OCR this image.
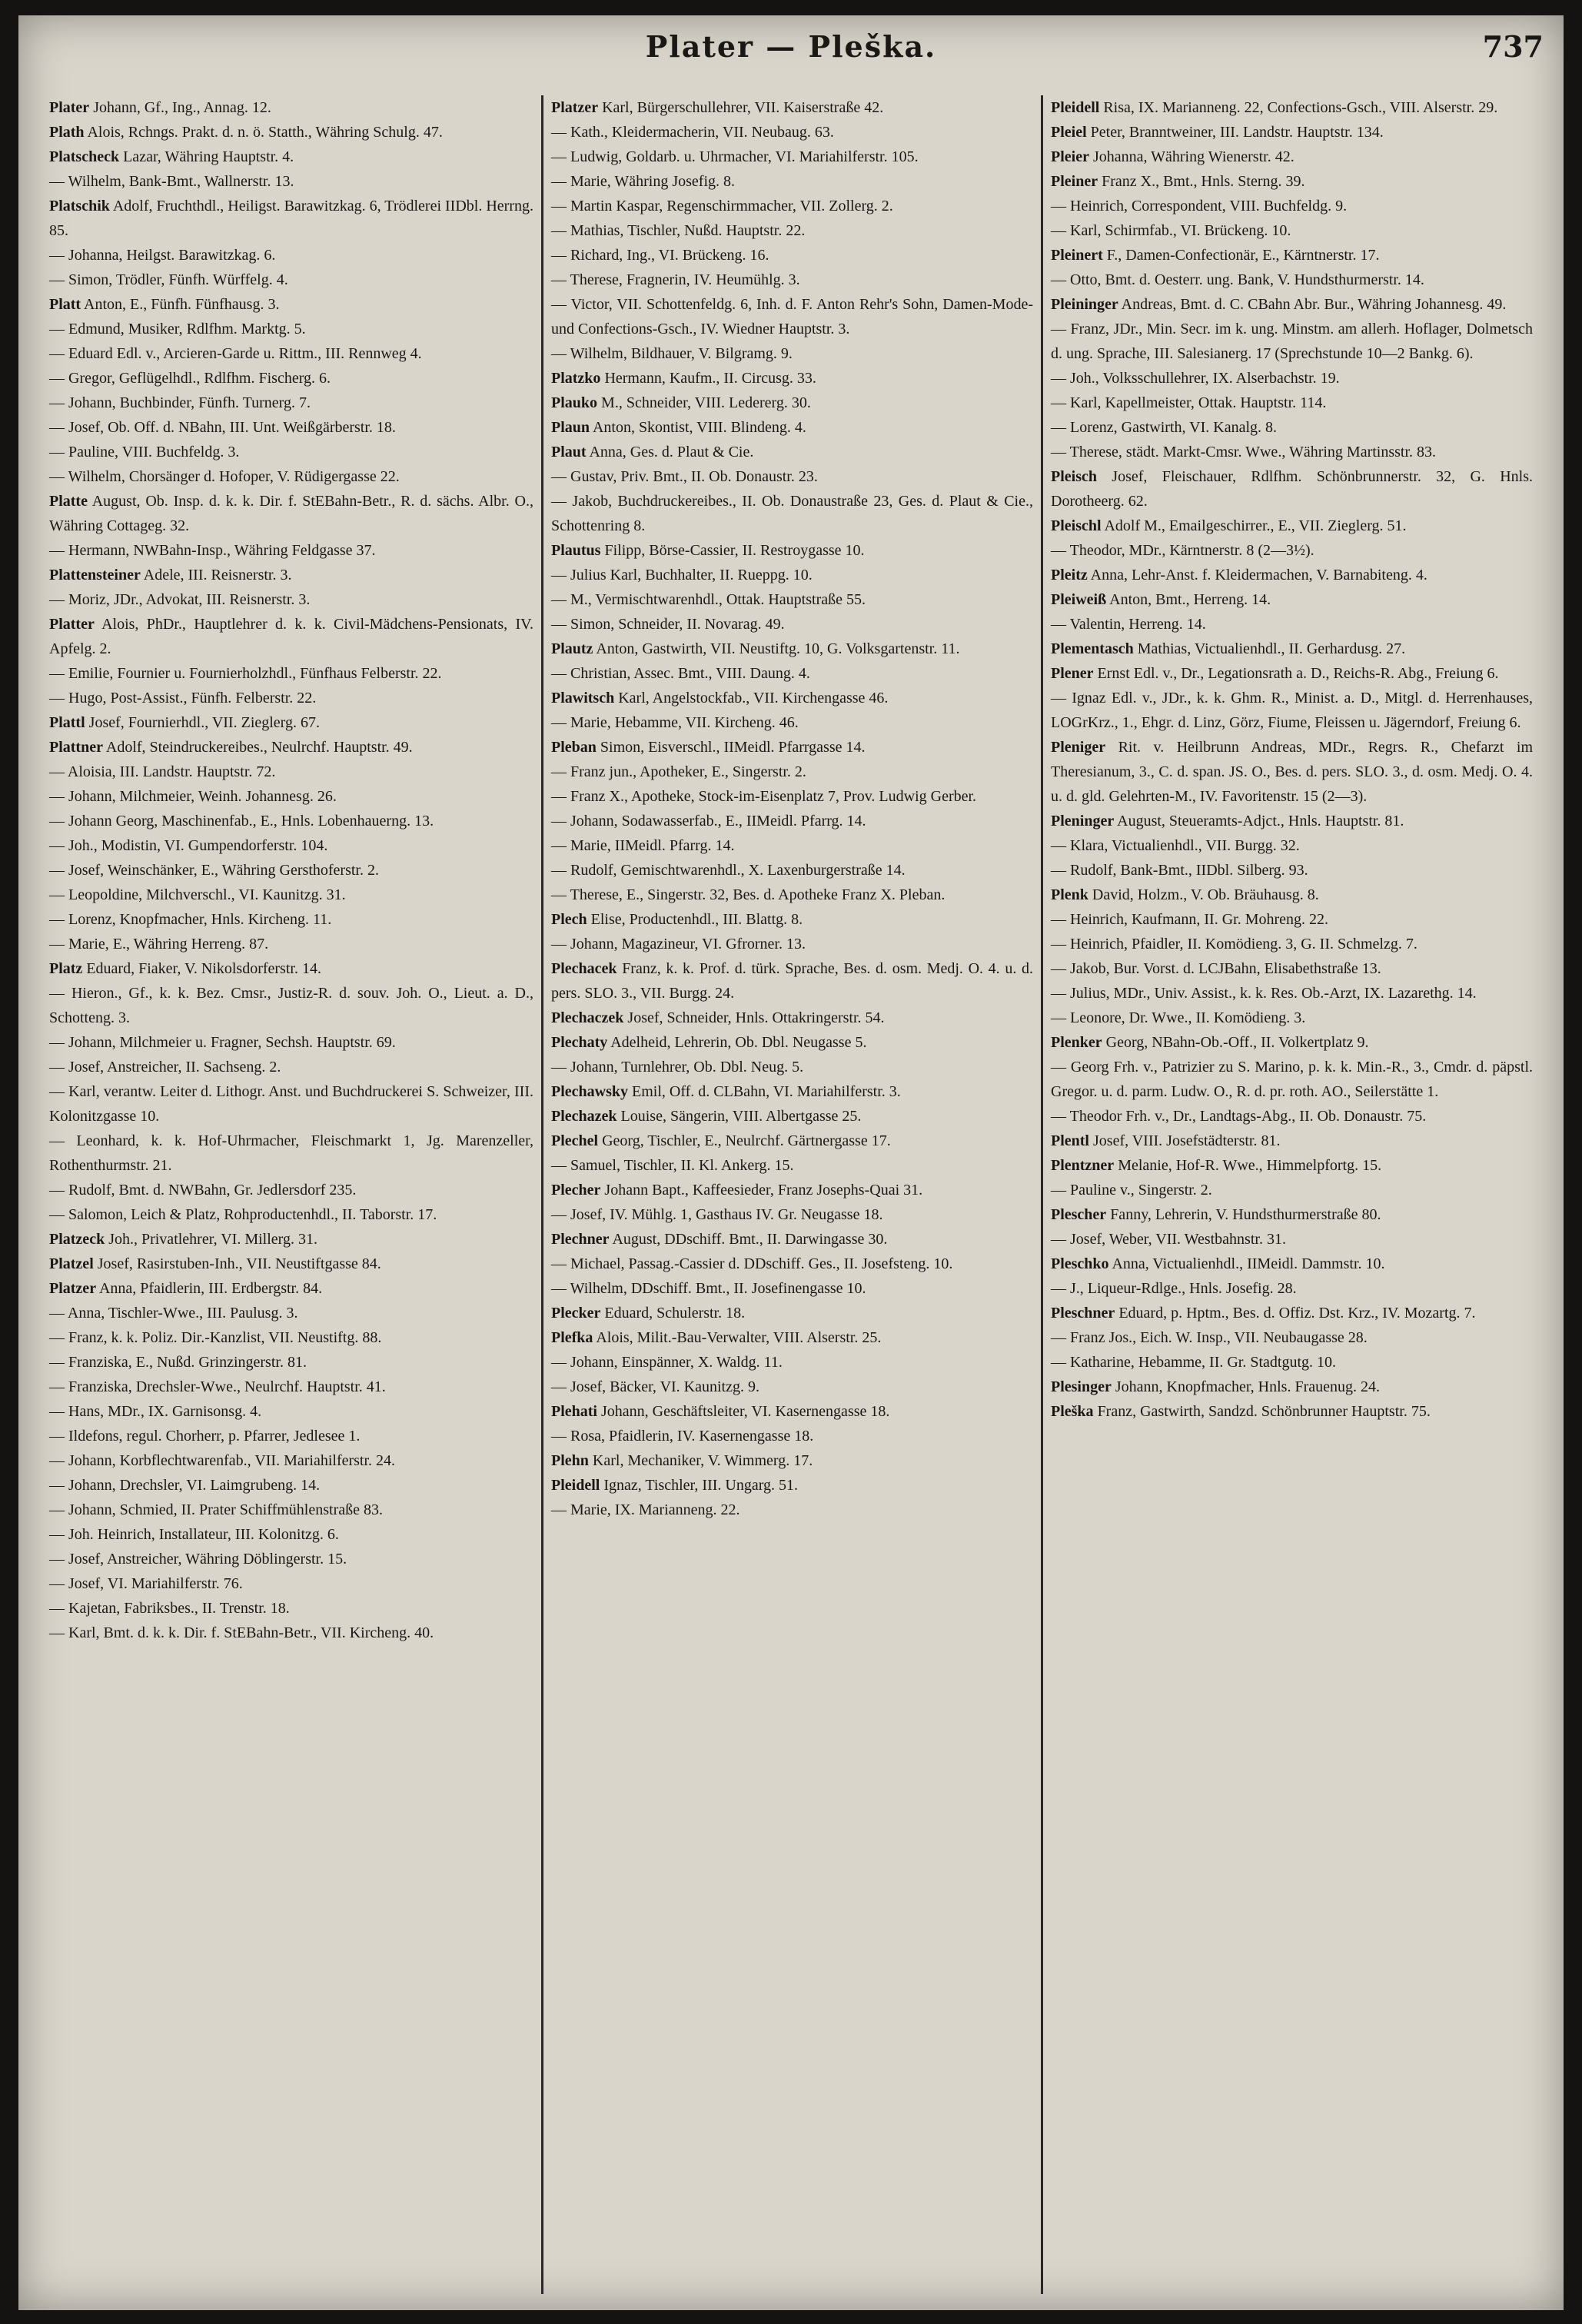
Plater — Pleška.	737

Plater Johann, Gf., Ing., Annag. 12.

Plath Alois, Rchngs. Prakt. d. n. ö. Statth., Währing Schulg. 47.

Platscheck Lazar, Währing Hauptstr. 4.

— Wilhelm, Bank-Bmt., Wallnerstr. 13.

Platschik Adolf, Fruchthdl., Heiligst. Barawitzkag. 6, Trödlerei IIDbl. Herrng. 85.

— Johanna, Heilgst. Barawitzkag. 6.

— Simon, Trödler, Fünfh. Würffelg. 4.

Platt Anton, E., Fünfh. Fünfhausg. 3.

— Edmund, Musiker, Rdlfhm. Marktg. 5.

— Eduard Edl. v., Arcieren-Garde u. Rittm., III. Rennweg 4.

— Gregor, Geflügelhdl., Rdlfhm. Fischerg. 6.

— Johann, Buchbinder, Fünfh. Turnerg. 7.

— Josef, Ob. Off. d. NBahn, III. Unt. Weißgärberstr. 18.

— Pauline, VIII. Buchfeldg. 3.

— Wilhelm, Chorsänger d. Hofoper, V. Rüdigergasse 22.

Platte August, Ob. Insp. d. k. k. Dir. f. StEBahn-Betr., R. d. sächs. Albr. O., Währing Cottageg. 32.

— Hermann, NWBahn-Insp., Währing Feldgasse 37.

Plattensteiner Adele, III. Reisnerstr. 3.

— Moriz, JDr., Advokat, III. Reisnerstr. 3.

Platter Alois, PhDr., Hauptlehrer d. k. k. Civil-Mädchens-Pensionats, IV. Apfelg. 2.

— Emilie, Fournier u. Fournierholzhdl., Fünfhaus Felberstr. 22.

— Hugo, Post-Assist., Fünfh. Felberstr. 22.

Plattl Josef, Fournierhdl., VII. Zieglerg. 67.

Plattner Adolf, Steindruckereibes., Neulrchf. Hauptstr. 49.

— Aloisia, III. Landstr. Hauptstr. 72.

— Johann, Milchmeier, Weinh. Johannesg. 26.

— Johann Georg, Maschinenfab., E., Hnls. Lobenhauerng. 13.

— Joh., Modistin, VI. Gumpendorferstr. 104.

— Josef, Weinschänker, E., Währing Gersthoferstr. 2.

— Leopoldine, Milchverschl., VI. Kaunitzg. 31.

— Lorenz, Knopfmacher, Hnls. Kircheng. 11.

— Marie, E., Währing Herreng. 87.

Platz Eduard, Fiaker, V. Nikolsdorferstr. 14.

— Hieron., Gf., k. k. Bez. Cmsr., Justiz-R. d. souv. Joh. O., Lieut. a. D., Schotteng. 3.

— Johann, Milchmeier u. Fragner, Sechsh. Hauptstr. 69.

— Josef, Anstreicher, II. Sachseng. 2.

— Karl, verantw. Leiter d. Lithogr. Anst. und Buchdruckerei S. Schweizer, III. Kolonitzgasse 10.

— Leonhard, k. k. Hof-Uhrmacher, Fleischmarkt 1, Jg. Marenzeller, Rothenthurmstr. 21.

— Rudolf, Bmt. d. NWBahn, Gr. Jedlersdorf 235.

— Salomon, Leich & Platz, Rohproductenhdl., II. Taborstr. 17.

Platzeck Joh., Privatlehrer, VI. Millerg. 31.

Platzel Josef, Rasirstuben-Inh., VII. Neustiftgasse 84.

Platzer Anna, Pfaidlerin, III. Erdbergstr. 84.

— Anna, Tischler-Wwe., III. Paulusg. 3.

— Franz, k. k. Poliz. Dir.-Kanzlist, VII. Neustiftg. 88.

— Franziska, E., Nußd. Grinzingerstr. 81.

— Franziska, Drechsler-Wwe., Neulrchf. Hauptstr. 41.

— Hans, MDr., IX. Garnisonsg. 4.

— Ildefons, regul. Chorherr, p. Pfarrer, Jedlesee 1.

— Johann, Korbflechtwarenfab., VII. Mariahilferstr. 24.

— Johann, Drechsler, VI. Laimgrubeng. 14.

— Johann, Schmied, II. Prater Schiffmühlenstraße 83.

— Joh. Heinrich, Installateur, III. Kolonitzg. 6.

— Josef, Anstreicher, Währing Döblingerstr. 15.

— Josef, VI. Mariahilferstr. 76.

— Kajetan, Fabriksbes., II. Trenstr. 18.

— Karl, Bmt. d. k. k. Dir. f. StEBahn-Betr., VII. Kircheng. 40.

Platzer Karl, Bürgerschullehrer, VII. Kaiserstraße 42.

— Kath., Kleidermacherin, VII. Neubaug. 63.

— Ludwig, Goldarb. u. Uhrmacher, VI. Mariahilferstr. 105.

— Marie, Währing Josefig. 8.

— Martin Kaspar, Regenschirmmacher, VII. Zollerg. 2.

— Mathias, Tischler, Nußd. Hauptstr. 22.

— Richard, Ing., VI. Brückeng. 16.

— Therese, Fragnerin, IV. Heumühlg. 3.

— Victor, VII. Schottenfeldg. 6, Inh. d. F. Anton Rehr's Sohn, Damen-Mode- und Confections-Gsch., IV. Wiedner Hauptstr. 3.

— Wilhelm, Bildhauer, V. Bilgramg. 9.

Platzko Hermann, Kaufm., II. Circusg. 33.

Plauko M., Schneider, VIII. Ledererg. 30.

Plaun Anton, Skontist, VIII. Blindeng. 4.

Plaut Anna, Ges. d. Plaut & Cie.

— Gustav, Priv. Bmt., II. Ob. Donaustr. 23.

— Jakob, Buchdruckereibes., II. Ob. Donaustraße 23, Ges. d. Plaut & Cie., Schottenring 8.

Plautus Filipp, Börse-Cassier, II. Restroygasse 10.

— Julius Karl, Buchhalter, II. Rueppg. 10.

— M., Vermischtwarenhdl., Ottak. Hauptstraße 55.

— Simon, Schneider, II. Novarag. 49.

Plautz Anton, Gastwirth, VII. Neustiftg. 10, G. Volksgartenstr. 11.

— Christian, Assec. Bmt., VIII. Daung. 4.

Plawitsch Karl, Angelstockfab., VII. Kirchengasse 46.

— Marie, Hebamme, VII. Kircheng. 46.

Pleban Simon, Eisverschl., IIMeidl. Pfarrgasse 14.

— Franz jun., Apotheker, E., Singerstr. 2.

— Franz X., Apotheke, Stock-im-Eisenplatz 7, Prov. Ludwig Gerber.

— Johann, Sodawasserfab., E., IIMeidl. Pfarrg. 14.

— Marie, IIMeidl. Pfarrg. 14.

— Rudolf, Gemischtwarenhdl., X. Laxenburgerstraße 14.

— Therese, E., Singerstr. 32, Bes. d. Apotheke Franz X. Pleban.

Plech Elise, Productenhdl., III. Blattg. 8.

— Johann, Magazineur, VI. Gfrorner. 13.

Plechacek Franz, k. k. Prof. d. türk. Sprache, Bes. d. osm. Medj. O. 4. u. d. pers. SLO. 3., VII. Burgg. 24.

Plechaczek Josef, Schneider, Hnls. Ottakringerstr. 54.

Plechaty Adelheid, Lehrerin, Ob. Dbl. Neugasse 5.

— Johann, Turnlehrer, Ob. Dbl. Neug. 5.

Plechawsky Emil, Off. d. CLBahn, VI. Mariahilferstr. 3.

Plechazek Louise, Sängerin, VIII. Albertgasse 25.

Plechel Georg, Tischler, E., Neulrchf. Gärtnergasse 17.

— Samuel, Tischler, II. Kl. Ankerg. 15.

Plecher Johann Bapt., Kaffeesieder, Franz Josephs-Quai 31.

— Josef, IV. Mühlg. 1, Gasthaus IV. Gr. Neugasse 18.

Plechner August, DDschiff. Bmt., II. Darwingasse 30.

— Michael, Passag.-Cassier d. DDschiff. Ges., II. Josefsteng. 10.

— Wilhelm, DDschiff. Bmt., II. Josefinengasse 10.

Plecker Eduard, Schulerstr. 18.

Plefka Alois, Milit.-Bau-Verwalter, VIII. Alserstr. 25.

— Johann, Einspänner, X. Waldg. 11.

— Josef, Bäcker, VI. Kaunitzg. 9.

Plehati Johann, Geschäftsleiter, VI. Kasernengasse 18.

— Rosa, Pfaidlerin, IV. Kasernengasse 18.

Plehn Karl, Mechaniker, V. Wimmerg. 17.

Pleidell Ignaz, Tischler, III. Ungarg. 51.

— Marie, IX. Marianneng. 22.

Pleidell Risa, IX. Marianneng. 22, Confections-Gsch., VIII. Alserstr. 29.

Pleiel Peter, Branntweiner, III. Landstr. Hauptstr. 134.

Pleier Johanna, Währing Wienerstr. 42.

Pleiner Franz X., Bmt., Hnls. Sterng. 39.

— Heinrich, Correspondent, VIII. Buchfeldg. 9.

— Karl, Schirmfab., VI. Brückeng. 10.

Pleinert F., Damen-Confectionär, E., Kärntnerstr. 17.

— Otto, Bmt. d. Oesterr. ung. Bank, V. Hundsthurmerstr. 14.

Pleininger Andreas, Bmt. d. C. CBahn Abr. Bur., Währing Johannesg. 49.

— Franz, JDr., Min. Secr. im k. ung. Minstm. am allerh. Hoflager, Dolmetsch d. ung. Sprache, III. Salesianerg. 17 (Sprechstunde 10—2 Bankg. 6).

— Joh., Volksschullehrer, IX. Alserbachstr. 19.

— Karl, Kapellmeister, Ottak. Hauptstr. 114.

— Lorenz, Gastwirth, VI. Kanalg. 8.

— Therese, städt. Markt-Cmsr. Wwe., Währing Martinsstr. 83.

Pleisch Josef, Fleischauer, Rdlfhm. Schönbrunnerstr. 32, G. Hnls. Dorotheerg. 62.

Pleischl Adolf M., Emailgeschirrer., E., VII. Zieglerg. 51.

— Theodor, MDr., Kärntnerstr. 8 (2—3½).

Pleitz Anna, Lehr-Anst. f. Kleidermachen, V. Barnabiteng. 4.

Pleiweiß Anton, Bmt., Herreng. 14.

— Valentin, Herreng. 14.

Plementasch Mathias, Victualienhdl., II. Gerhardusg. 27.

Plener Ernst Edl. v., Dr., Legationsrath a. D., Reichs-R. Abg., Freiung 6.

— Ignaz Edl. v., JDr., k. k. Ghm. R., Minist. a. D., Mitgl. d. Herrenhauses, LOGrKrz., 1., Ehgr. d. Linz, Görz, Fiume, Fleissen u. Jägerndorf, Freiung 6.

Pleniger Rit. v. Heilbrunn Andreas, MDr., Regrs. R., Chefarzt im Theresianum, 3., C. d. span. JS. O., Bes. d. pers. SLO. 3., d. osm. Medj. O. 4. u. d. gld. Gelehrten-M., IV. Favoritenstr. 15 (2—3).

Pleninger August, Steueramts-Adjct., Hnls. Hauptstr. 81.

— Klara, Victualienhdl., VII. Burgg. 32.

— Rudolf, Bank-Bmt., IIDbl. Silberg. 93.

Plenk David, Holzm., V. Ob. Bräuhausg. 8.

— Heinrich, Kaufmann, II. Gr. Mohreng. 22.

— Heinrich, Pfaidler, II. Komödieng. 3, G. II. Schmelzg. 7.

— Jakob, Bur. Vorst. d. LCJBahn, Elisabethstraße 13.

— Julius, MDr., Univ. Assist., k. k. Res. Ob.-Arzt, IX. Lazarethg. 14.

— Leonore, Dr. Wwe., II. Komödieng. 3.

Plenker Georg, NBahn-Ob.-Off., II. Volkertplatz 9.

— Georg Frh. v., Patrizier zu S. Marino, p. k. k. Min.-R., 3., Cmdr. d. päpstl. Gregor. u. d. parm. Ludw. O., R. d. pr. roth. AO., Seilerstätte 1.

— Theodor Frh. v., Dr., Landtags-Abg., II. Ob. Donaustr. 75.

Plentl Josef, VIII. Josefstädterstr. 81.

Plentzner Melanie, Hof-R. Wwe., Himmelpfortg. 15.

— Pauline v., Singerstr. 2.

Plescher Fanny, Lehrerin, V. Hundsthurmerstraße 80.

— Josef, Weber, VII. Westbahnstr. 31.

Pleschko Anna, Victualienhdl., IIMeidl. Dammstr. 10.

— J., Liqueur-Rdlge., Hnls. Josefig. 28.

Pleschner Eduard, p. Hptm., Bes. d. Offiz. Dst. Krz., IV. Mozartg. 7.

— Franz Jos., Eich. W. Insp., VII. Neubaugasse 28.

— Katharine, Hebamme, II. Gr. Stadtgutg. 10.

Plesinger Johann, Knopfmacher, Hnls. Frauenug. 24.

Pleška Franz, Gastwirth, Sandzd. Schönbrunner Hauptstr. 75.
